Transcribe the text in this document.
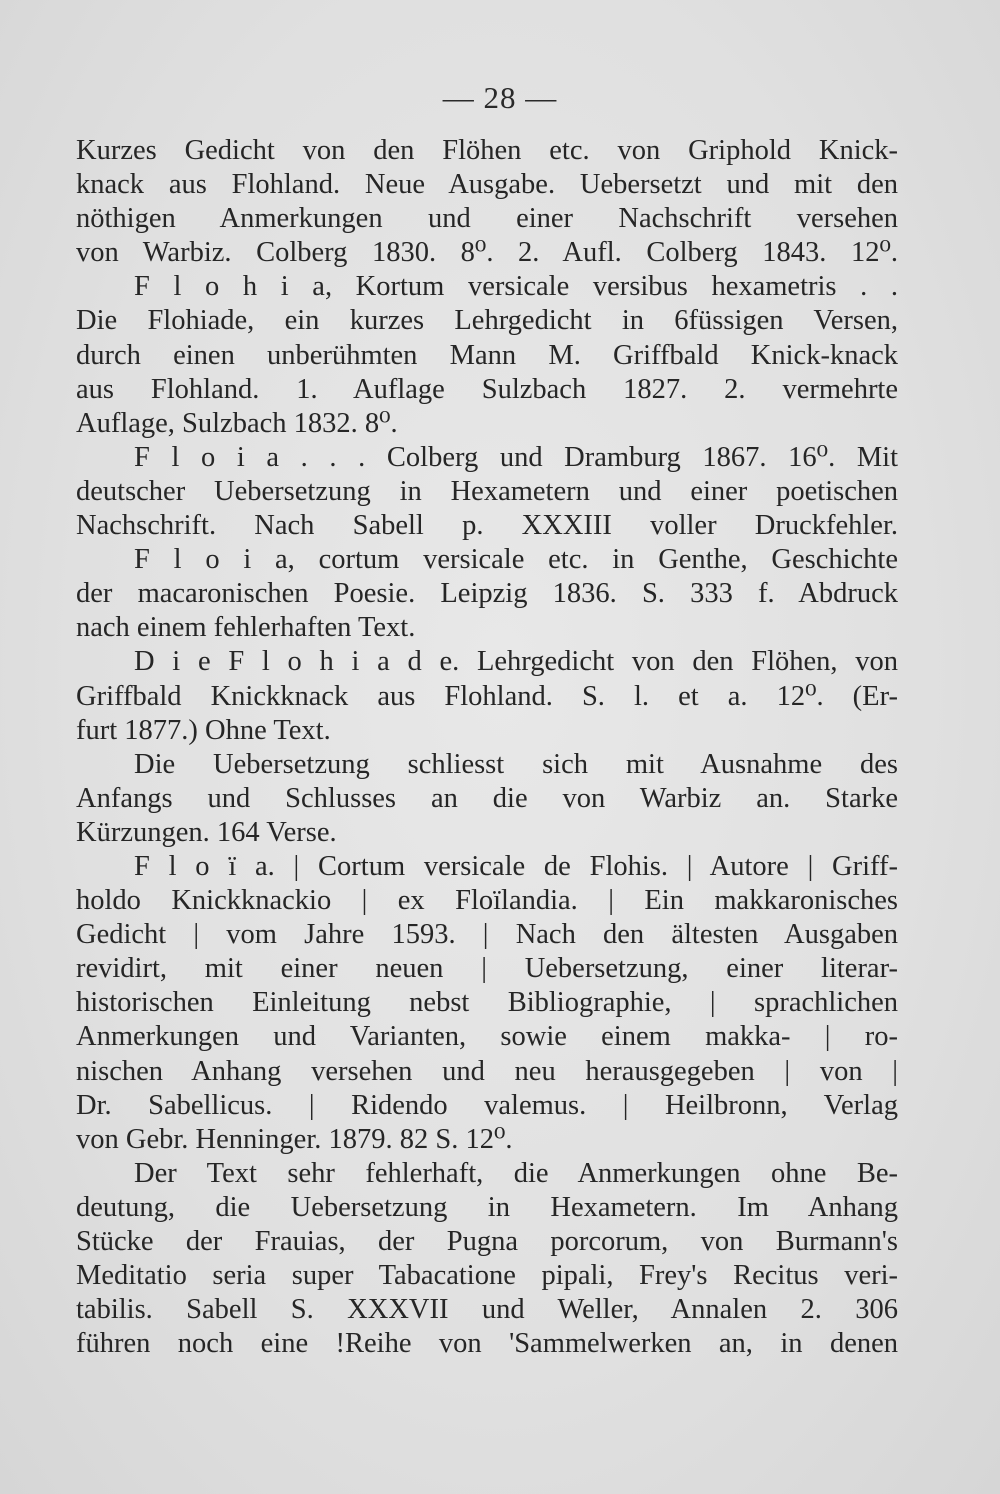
— 28 —
Kurzes Gedicht von den Flöhen etc. von Griphold Knick-
knack aus Flohland. Neue Ausgabe. Uebersetzt und mit den
nöthigen Anmerkungen und einer Nachschrift versehen
von Warbiz. Colberg 1830. 8⁰. 2. Aufl. Colberg 1843. 12⁰.
F l o h i a, Kortum versicale versibus hexametris . .
Die Flohiade, ein kurzes Lehrgedicht in 6füssigen Versen,
durch einen unberühmten Mann M. Griffbald Knick-knack
aus Flohland. 1. Auflage Sulzbach 1827. 2. vermehrte
Auflage, Sulzbach 1832. 8⁰.
F l o i a . . . Colberg und Dramburg 1867. 16⁰. Mit
deutscher Uebersetzung in Hexametern und einer poetischen
Nachschrift. Nach Sabell p. XXXIII voller Druckfehler.
F l o i a, cortum versicale etc. in Genthe, Geschichte
der macaronischen Poesie. Leipzig 1836. S. 333 f. Abdruck
nach einem fehlerhaften Text.
D i e F l o h i a d e. Lehrgedicht von den Flöhen, von
Griffbald Knickknack aus Flohland. S. l. et a. 12⁰. (Er-
furt 1877.) Ohne Text.
Die Uebersetzung schliesst sich mit Ausnahme des
Anfangs und Schlusses an die von Warbiz an. Starke
Kürzungen. 164 Verse.
F l o ï a. | Cortum versicale de Flohis. | Autore | Griff-
holdo Knickknackio | ex Floïlandia. | Ein makkaronisches
Gedicht | vom Jahre 1593. | Nach den ältesten Ausgaben
revidirt, mit einer neuen | Uebersetzung, einer literar-
historischen Einleitung nebst Bibliographie, | sprachlichen
Anmerkungen und Varianten, sowie einem makka- | ro-
nischen Anhang versehen und neu herausgegeben | von |
Dr. Sabellicus. | Ridendo valemus. | Heilbronn, Verlag
von Gebr. Henninger. 1879. 82 S. 12⁰.
Der Text sehr fehlerhaft, die Anmerkungen ohne Be-
deutung, die Uebersetzung in Hexametern. Im Anhang
Stücke der Frauias, der Pugna porcorum, von Burmann's
Meditatio seria super Tabacatione pipali, Frey's Recitus veri-
tabilis. Sabell S. XXXVII und Weller, Annalen 2. 306
führen noch eine !Reihe von 'Sammelwerken an, in denen
